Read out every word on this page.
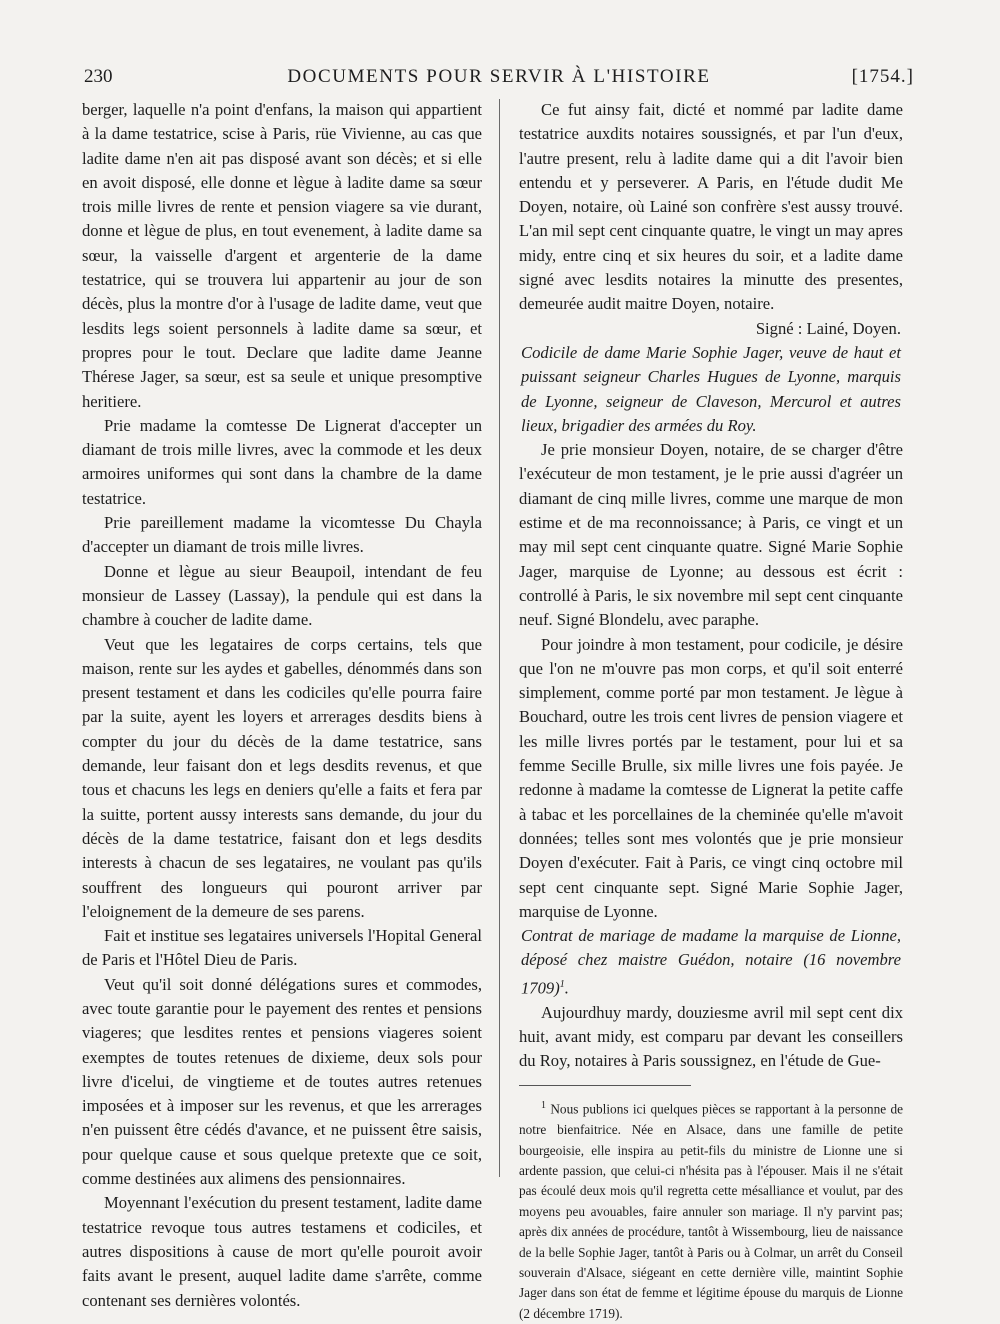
230	DOCUMENTS POUR SERVIR À L'HISTOIRE	[1754.]

berger, laquelle n'a point d'enfans, la maison qui appartient à la dame testatrice, scise à Paris, rüe Vivienne, au cas que ladite dame n'en ait pas disposé avant son décès; et si elle en avoit disposé, elle donne et lègue à ladite dame sa sœur trois mille livres de rente et pension viagere sa vie durant, donne et lègue de plus, en tout evenement, à ladite dame sa sœur, la vaisselle d'argent et argenterie de la dame testatrice, qui se trouvera lui appartenir au jour de son décès, plus la montre d'or à l'usage de ladite dame, veut que lesdits legs soient personnels à ladite dame sa sœur, et propres pour le tout. Declare que ladite dame Jeanne Thérese Jager, sa sœur, est sa seule et unique presomptive heritiere.

Prie madame la comtesse De Lignerat d'accepter un diamant de trois mille livres, avec la commode et les deux armoires uniformes qui sont dans la chambre de la dame testatrice.

Prie pareillement madame la vicomtesse Du Chayla d'accepter un diamant de trois mille livres.

Donne et lègue au sieur Beaupoil, intendant de feu monsieur de Lassey (Lassay), la pendule qui est dans la chambre à coucher de ladite dame.

Veut que les legataires de corps certains, tels que maison, rente sur les aydes et gabelles, dénommés dans son present testament et dans les codiciles qu'elle pourra faire par la suite, ayent les loyers et arrerages desdits biens à compter du jour du décès de la dame testatrice, sans demande, leur faisant don et legs desdits revenus, et que tous et chacuns les legs en deniers qu'elle a faits et fera par la suitte, portent aussy interests sans demande, du jour du décès de la dame testatrice, faisant don et legs desdits interests à chacun de ses legataires, ne voulant pas qu'ils souffrent des longueurs qui pouront arriver par l'eloignement de la demeure de ses parens.

Fait et institue ses legataires universels l'Hopital General de Paris et l'Hôtel Dieu de Paris.

Veut qu'il soit donné délégations sures et commodes, avec toute garantie pour le payement des rentes et pensions viageres; que lesdites rentes et pensions viageres soient exemptes de toutes retenues de dixieme, deux sols pour livre d'icelui, de vingtieme et de toutes autres retenues imposées et à imposer sur les revenus, et que les arrerages n'en puissent être cédés d'avance, et ne puissent être saisis, pour quelque cause et sous quelque pretexte que ce soit, comme destinées aux alimens des pensionnaires.

Moyennant l'exécution du present testament, ladite dame testatrice revoque tous autres testamens et codiciles, et autres dispositions à cause de mort qu'elle pouroit avoir faits avant le present, auquel ladite dame s'arrête, comme contenant ses dernières volontés.

Ce fut ainsy fait, dicté et nommé par ladite dame testatrice auxdits notaires soussignés, et par l'un d'eux, l'autre present, relu à ladite dame qui a dit l'avoir bien entendu et y perseverer. A Paris, en l'étude dudit Me Doyen, notaire, où Lainé son confrère s'est aussy trouvé. L'an mil sept cent cinquante quatre, le vingt un may apres midy, entre cinq et six heures du soir, et a ladite dame signé avec lesdits notaires la minutte des presentes, demeurée audit maitre Doyen, notaire.

Signé : Lainé, Doyen.

Codicile de dame Marie Sophie Jager, veuve de haut et puissant seigneur Charles Hugues de Lyonne, marquis de Lyonne, seigneur de Claveson, Mercurol et autres lieux, brigadier des armées du Roy.

Je prie monsieur Doyen, notaire, de se charger d'être l'exécuteur de mon testament, je le prie aussi d'agréer un diamant de cinq mille livres, comme une marque de mon estime et de ma reconnoissance; à Paris, ce vingt et un may mil sept cent cinquante quatre. Signé Marie Sophie Jager, marquise de Lyonne; au dessous est écrit : controllé à Paris, le six novembre mil sept cent cinquante neuf. Signé Blondelu, avec paraphe.

Pour joindre à mon testament, pour codicile, je désire que l'on ne m'ouvre pas mon corps, et qu'il soit enterré simplement, comme porté par mon testament. Je lègue à Bouchard, outre les trois cent livres de pension viagere et les mille livres portés par le testament, pour lui et sa femme Secille Brulle, six mille livres une fois payée. Je redonne à madame la comtesse de Lignerat la petite caffe à tabac et les porcellaines de la cheminée qu'elle m'avoit données; telles sont mes volontés que je prie monsieur Doyen d'exécuter. Fait à Paris, ce vingt cinq octobre mil sept cent cinquante sept. Signé Marie Sophie Jager, marquise de Lyonne.

Contrat de mariage de madame la marquise de Lionne, déposé chez maistre Guédon, notaire (16 novembre 1709)$^1$.

Aujourdhuy mardy, douziesme avril mil sept cent dix huit, avant midy, est comparu par devant les conseillers du Roy, notaires à Paris soussignez, en l'étude de Gue-

$^1$ Nous publions ici quelques pièces se rapportant à la personne de notre bienfaitrice. Née en Alsace, dans une famille de petite bourgeoisie, elle inspira au petit-fils du ministre de Lionne une si ardente passion, que celui-ci n'hésita pas à l'épouser. Mais il ne s'était pas écoulé deux mois qu'il regretta cette mésalliance et voulut, par des moyens peu avouables, faire annuler son mariage. Il n'y parvint pas; après dix années de procédure, tantôt à Wissembourg, lieu de naissance de la belle Sophie Jager, tantôt à Paris ou à Colmar, un arrêt du Conseil souverain d'Alsace, siégeant en cette dernière ville, maintint Sophie Jager dans son état de femme et légitime épouse du marquis de Lionne (2 décembre 1719).
